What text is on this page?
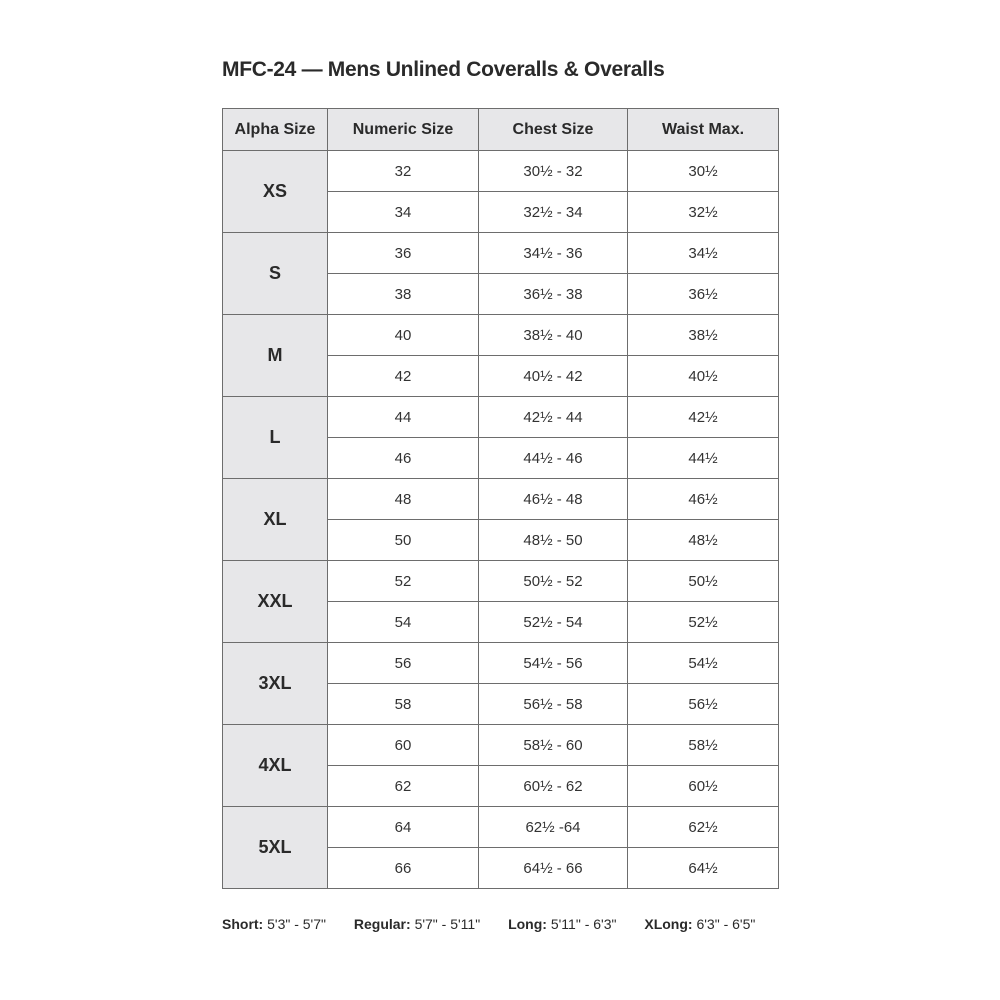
MFC-24 — Mens Unlined Coveralls & Overalls
Alpha Size	Numeric Size	Chest Size	Waist Max.
XS	32	30½ - 32	30½
	34	32½ - 34	32½
S	36	34½ - 36	34½
	38	36½ - 38	36½
M	40	38½ - 40	38½
	42	40½ - 42	40½
L	44	42½ - 44	42½
	46	44½ - 46	44½
XL	48	46½ - 48	46½
	50	48½ - 50	48½
XXL	52	50½ - 52	50½
	54	52½ - 54	52½
3XL	56	54½ - 56	54½
	58	56½ - 58	56½
4XL	60	58½ - 60	58½
	62	60½ - 62	60½
5XL	64	62½ -64	62½
	66	64½ - 66	64½
Short: 5'3" - 5'7" Regular: 5'7" - 5'11" Long: 5'11" - 6'3" XLong: 6'3" - 6'5"
